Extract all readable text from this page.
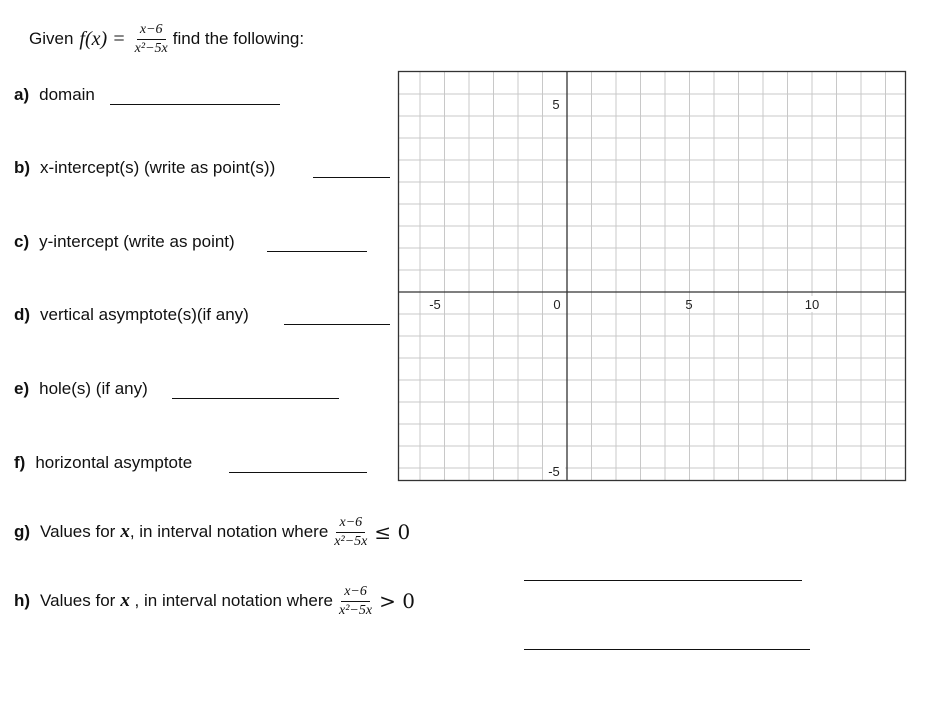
Given $f(x) = \frac{x-6}{\text{x²−5x}}$ find the following:
a) domain
b) x-intercept(s) (write as point(s))
c) y-intercept (write as point)
d) vertical asymptote(s)(if any)
e) hole(s) (if any)
f) horizontal asymptote
g) Values for x , in interval notation where $\frac{x-6}{\text{x²−5x}} \le 0$
h) Values for x , in interval notation where $\frac{x-6}{\text{x²−5x}} > 0$
-5	0	5	10
5
-5
